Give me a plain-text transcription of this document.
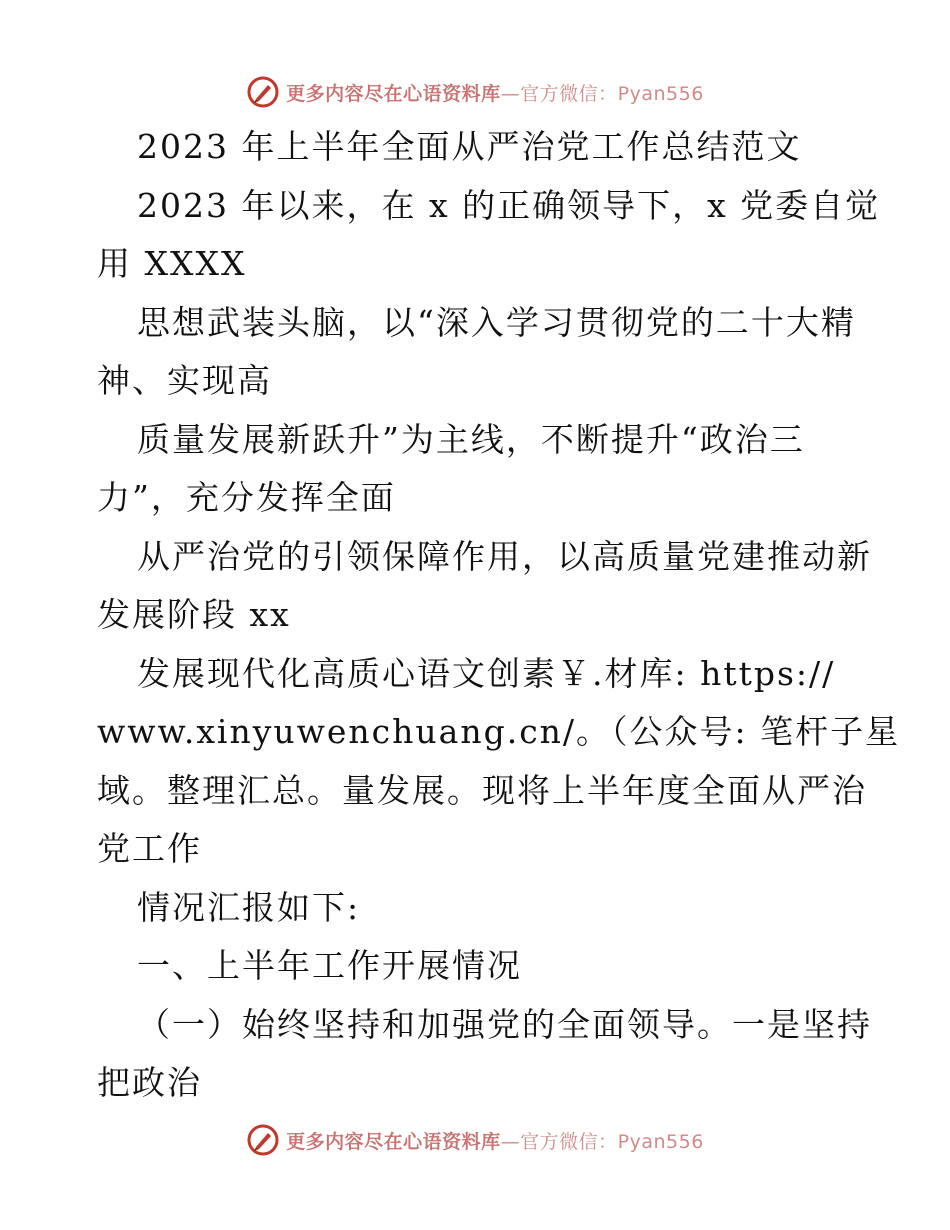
更多内容尽在心语资料库—官方微信：Pyan556
2023 年上半年全面从严治党工作总结范文
2023 年以来，在 x 的正确领导下，x 党委自觉
用 XXXX
思想武装头脑，以“深入学习贯彻党的二十大精
神、实现高
质量发展新跃升”为主线，不断提升“政治三
力”，充分发挥全面
从严治党的引领保障作用，以高质量党建推动新
发展阶段 xx
发展现代化高质心语文创素￥.材库: https://
www.xinyuwenchuang.cn/。（公众号: 笔杆子星
域。整理汇总。量发展。现将上半年度全面从严治
党工作
情况汇报如下:
一、上半年工作开展情况
（一）始终坚持和加强党的全面领导。一是坚持
把政治
更多内容尽在心语资料库—官方微信：Pyan556
